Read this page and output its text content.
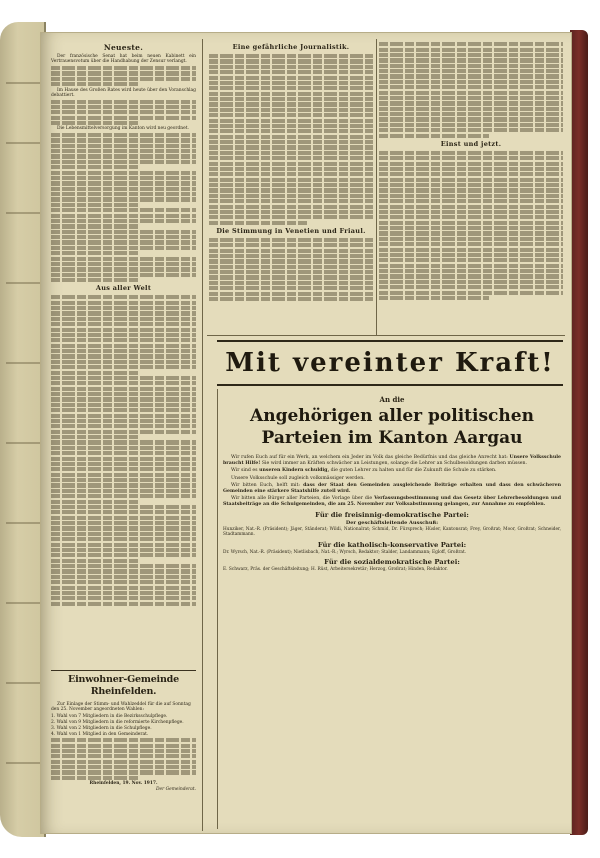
Neueste.
Der französische Senat hat beim neuen Kabinett ein Vertrauensvotum über die Handhabung der Zensur verlangt.
Im Hause des Großen Rates wird heute über den Voranschlag debattiert.
Die Lebensmittelversorgung im Kanton wird neu geordnet.
Aus aller Welt
Einwohner-Gemeinde Rheinfelden.
Zur Einlage der Stimm- und Wahlzeddel für die auf Sonntag den 25. November angeordneten Wahlen:
1. Wahl von 7 Mitgliedern in die Bezirksschulpflege.
2. Wahl von 9 Mitgliedern in die reformierte Kirchenpflege.
3. Wahl von 2 Mitgliedern in die Schulpflege.
4. Wahl von 1 Mitglied in den Gemeinderat.
Rheinfelden, 19. Nov. 1917.
Der Gemeinderat.
Eine gefährliche Journalistik.
Die Stimmung in Venetien und Friaul.
Einst und jetzt.
Mit vereinter Kraft!
An die
Angehörigen aller politischen
Parteien im Kanton Aargau
Wir rufen Euch auf für ein Werk, an welchem ein Jeder im Volk das gleiche Bedürfnis und das gleiche Anrecht hat: Unsere Volksschule braucht Hilfe! Sie wird immer an Kräften schwächer an Leistungen, solange die Lehrer an Schulbesoldungen darben müssen.
Wir sind es unseren Kindern schuldig, die guten Lehrer zu halten und für die Zukunft die Schule zu stärken.
Unsere Volksschule soll zugleich volksmässiger werden.
Wir bitten Euch, helft mit: dass der Staat den Gemeinden ausgleichende Beiträge erhalten und dass den schwächeren Gemeinden eine stärkere Staatshilfe zuteil wird.
Wir bitten alle Bürger aller Parteien, die Vorlage über die Verfassungsbestimmung und das Gesetz über Lehrerbesoldungen und Staatsbeiträge an die Schulgemeinden, die am 25. November zur Volksabstimmung gelangen, zur Annahme zu empfehlen.
Für die freisinnig-demokratische Partei:
Der geschäftsleitende Ausschuß:
Hunziker, Nat.-R. (Präsident); Jäger, Ständerat; Wildi, Nationalrat; Schmid, Dr. Fürsprech; Hüsler, Kantonsrat; Frey, Großrat; Moor, Großrat; Schneider, Stadtammann.
Für die katholisch-konservative Partei:
Dr. Wyrsch, Nat.-R. (Präsident); Nietlisbach, Nat.-R.; Wyrsch, Redaktor; Stalder, Landammann; Egloff, Großrat.
Für die sozialdemokratische Partei:
E. Schwarz, Präs. der Geschäftsleitung; H. Rüst, Arbeitersekretär; Herzog, Großrat; Hinden, Redaktor.
